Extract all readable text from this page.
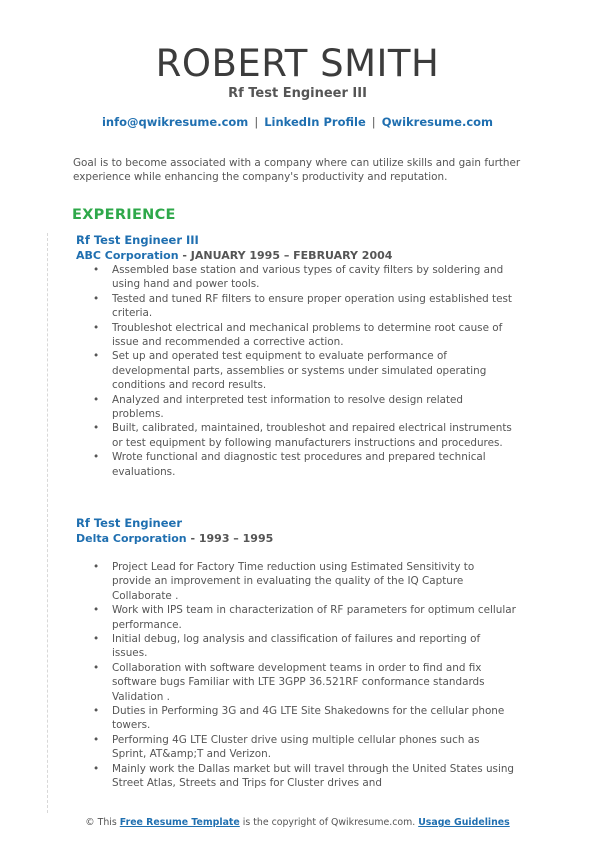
ROBERT SMITH
Rf Test Engineer III
info@qwikresume.com | LinkedIn Profile | Qwikresume.com
Goal is to become associated with a company where can utilize skills and gain further experience while enhancing the company's productivity and reputation.
EXPERIENCE
Rf Test Engineer III
ABC Corporation - JANUARY 1995 – FEBRUARY 2004
• Assembled base station and various types of cavity filters by soldering and using hand and power tools.
• Tested and tuned RF filters to ensure proper operation using established test criteria.
• Troubleshot electrical and mechanical problems to determine root cause of issue and recommended a corrective action.
• Set up and operated test equipment to evaluate performance of developmental parts, assemblies or systems under simulated operating conditions and record results.
• Analyzed and interpreted test information to resolve design related problems.
• Built, calibrated, maintained, troubleshot and repaired electrical instruments or test equipment by following manufacturers instructions and procedures.
• Wrote functional and diagnostic test procedures and prepared technical evaluations.
Rf Test Engineer
Delta Corporation - 1993 – 1995
• Project Lead for Factory Time reduction using Estimated Sensitivity to provide an improvement in evaluating the quality of the IQ Capture Collaborate .
• Work with IPS team in characterization of RF parameters for optimum cellular performance.
• Initial debug, log analysis and classification of failures and reporting of issues.
• Collaboration with software development teams in order to find and fix software bugs Familiar with LTE 3GPP 36.521RF conformance standards Validation .
• Duties in Performing 3G and 4G LTE Site Shakedowns for the cellular phone towers.
• Performing 4G LTE Cluster drive using multiple cellular phones such as Sprint, AT&amp;T and Verizon.
• Mainly work the Dallas market but will travel through the United States using Street Atlas, Streets and Trips for Cluster drives and
© This Free Resume Template is the copyright of Qwikresume.com. Usage Guidelines
